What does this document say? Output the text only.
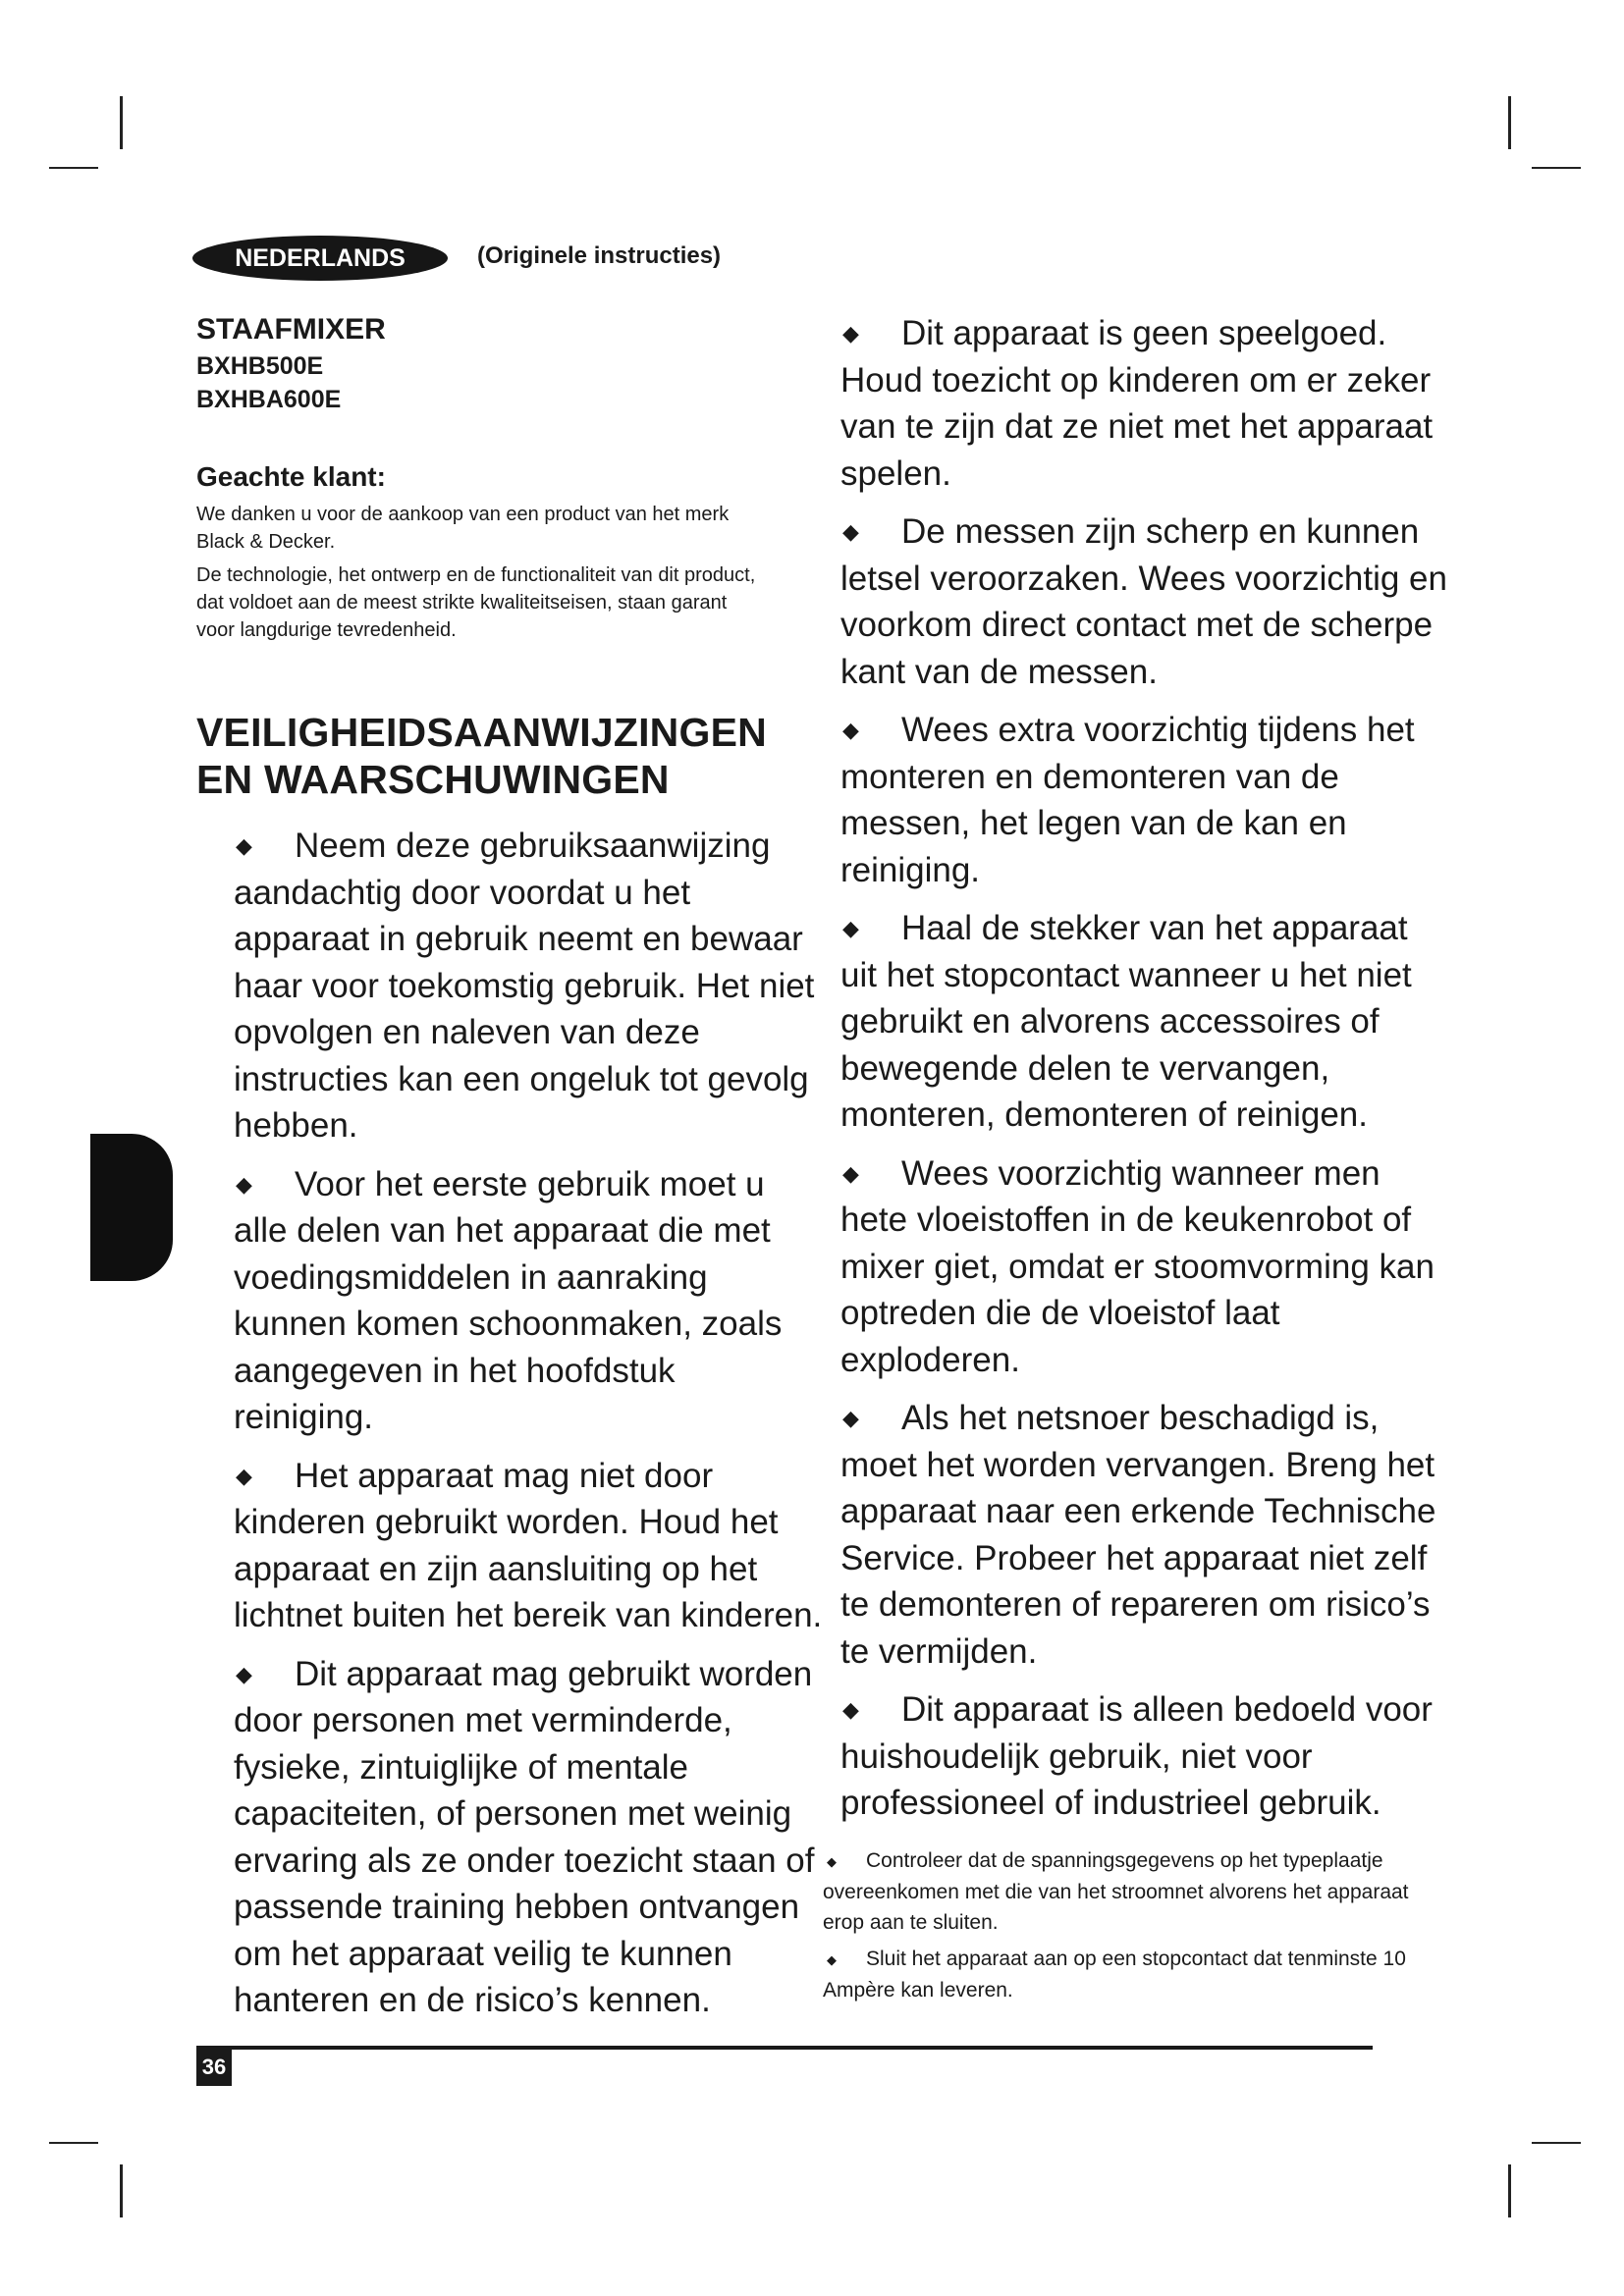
NEDERLANDS	(Originele instructies)
STAAFMIXER
BXHB500E
BXHBA600E
Geachte klant:

We danken u voor de aankoop van een product van het merk Black & Decker.

De technologie, het ontwerp en de functionaliteit van dit product, dat voldoet aan de meest strikte kwaliteitseisen, staan garant voor langdurige tevredenheid.

VEILIGHEIDSAANWIJZINGEN
EN WAARSCHUWINGEN

◆ Neem deze gebruiksaanwijzing aandachtig door voordat u het apparaat in gebruik neemt en bewaar haar voor toekomstig gebruik. Het niet opvolgen en naleven van deze instructies kan een ongeluk tot gevolg hebben.

◆ Voor het eerste gebruik moet u alle delen van het apparaat die met voedingsmiddelen in aanraking kunnen komen schoonmaken, zoals aangegeven in het hoofdstuk reiniging.

◆ Het apparaat mag niet door kinderen gebruikt worden. Houd het apparaat en zijn aansluiting op het lichtnet buiten het bereik van kinderen.

◆ Dit apparaat mag gebruikt worden door personen met verminderde, fysieke, zintuiglijke of mentale capaciteiten, of personen met weinig ervaring als ze onder toezicht staan of passende training hebben ontvangen om het apparaat veilig te kunnen hanteren en de risico’s kennen.

◆ Dit apparaat is geen speelgoed. Houd toezicht op kinderen om er zeker van te zijn dat ze niet met het apparaat spelen.

◆ De messen zijn scherp en kunnen letsel veroorzaken. Wees voorzichtig en voorkom direct contact met de scherpe kant van de messen.

◆ Wees extra voorzichtig tijdens het monteren en demonteren van de messen, het legen van de kan en reiniging.

◆ Haal de stekker van het apparaat uit het stopcontact wanneer u het niet gebruikt en alvorens accessoires of bewegende delen te vervangen, monteren, demonteren of reinigen.

◆ Wees voorzichtig wanneer men hete vloeistoffen in de keukenrobot of mixer giet, omdat er stoomvorming kan optreden die de vloeistof laat exploderen.

◆ Als het netsnoer beschadigd is, moet het worden vervangen. Breng het apparaat naar een erkende Technische Service. Probeer het apparaat niet zelf te demonteren of repareren om risico’s te vermijden.

◆ Dit apparaat is alleen bedoeld voor huishoudelijk gebruik, niet voor professioneel of industrieel gebruik.

◆ Controleer dat de spanningsgegevens op het typeplaatje overeenkomen met die van het stroomnet alvorens het apparaat erop aan te sluiten.

◆ Sluit het apparaat aan op een stopcontact dat tenminste 10 Ampère kan leveren.

36
